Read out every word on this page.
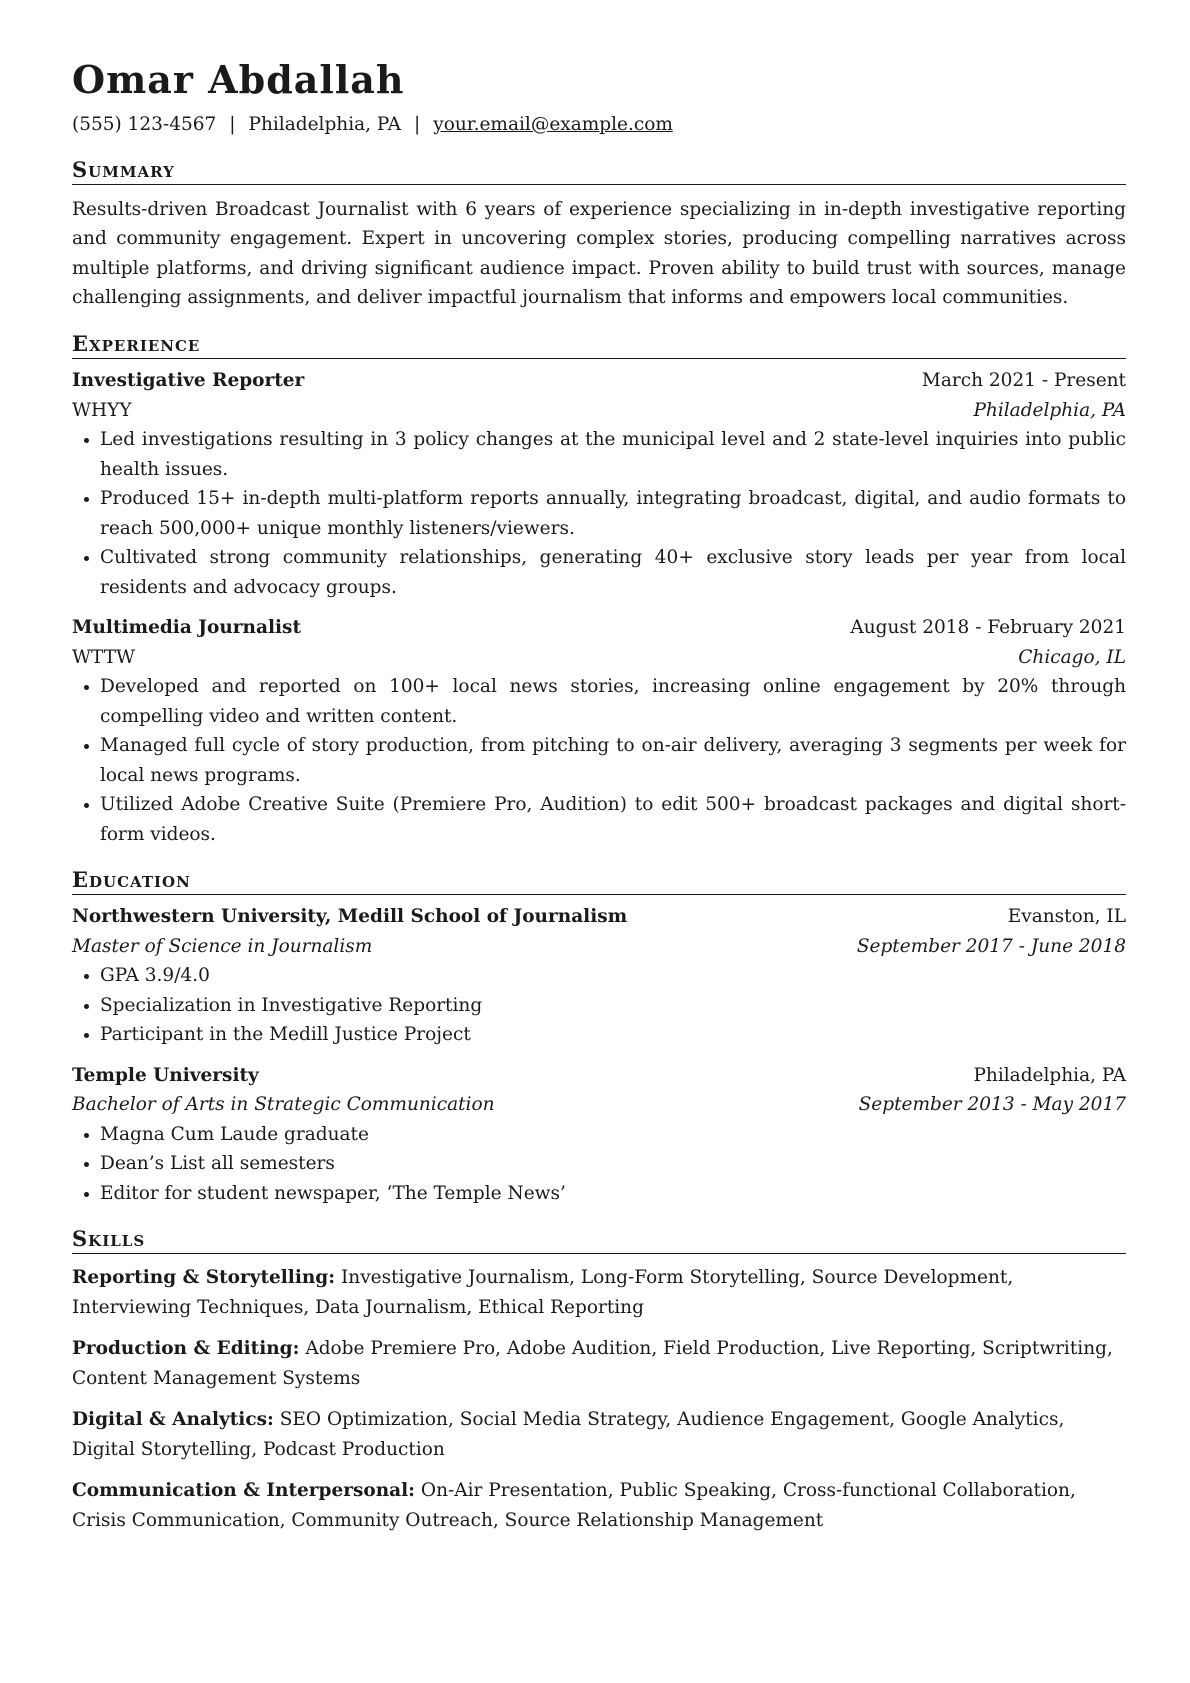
Omar Abdallah
(555) 123-4567 | Philadelphia, PA | your.email@example.com
Summary

Results-driven Broadcast Journalist with 6 years of experience specializing in in-depth investigative reporting and community engagement. Expert in uncovering complex stories, producing compelling narratives across multiple platforms, and driving significant audience impact. Proven ability to build trust with sources, manage challenging assignments, and deliver impactful journalism that informs and empowers local communities.

Experience
Investigative Reporter	March 2021 - Present
WHYY	Philadelphia, PA
• Led investigations resulting in 3 policy changes at the municipal level and 2 state-level inquiries into public health issues.
• Produced 15+ in-depth multi-platform reports annually, integrating broadcast, digital, and audio formats to reach 500,000+ unique monthly listeners/viewers.
• Cultivated strong community relationships, generating 40+ exclusive story leads per year from local residents and advocacy groups.
Multimedia Journalist	August 2018 - February 2021
WTTW	Chicago, IL
• Developed and reported on 100+ local news stories, increasing online engagement by 20% through compelling video and written content.
• Managed full cycle of story production, from pitching to on-air delivery, averaging 3 segments per week for local news programs.
• Utilized Adobe Creative Suite (Premiere Pro, Audition) to edit 500+ broadcast packages and digital short-form videos.
Education
Northwestern University, Medill School of Journalism	Evanston, IL
Master of Science in Journalism	September 2017 - June 2018
• GPA 3.9/4.0
• Specialization in Investigative Reporting
• Participant in the Medill Justice Project
Temple University	Philadelphia, PA
Bachelor of Arts in Strategic Communication	September 2013 - May 2017
• Magna Cum Laude graduate
• Dean’s List all semesters
• Editor for student newspaper, ‘The Temple News’
Skills

Reporting & Storytelling: Investigative Journalism, Long-Form Storytelling, Source Development, Interviewing Techniques, Data Journalism, Ethical Reporting

Production & Editing: Adobe Premiere Pro, Adobe Audition, Field Production, Live Reporting, Scriptwriting, Content Management Systems

Digital & Analytics: SEO Optimization, Social Media Strategy, Audience Engagement, Google Analytics, Digital Storytelling, Podcast Production

Communication & Interpersonal: On-Air Presentation, Public Speaking, Cross-functional Collaboration, Crisis Communication, Community Outreach, Source Relationship Management
